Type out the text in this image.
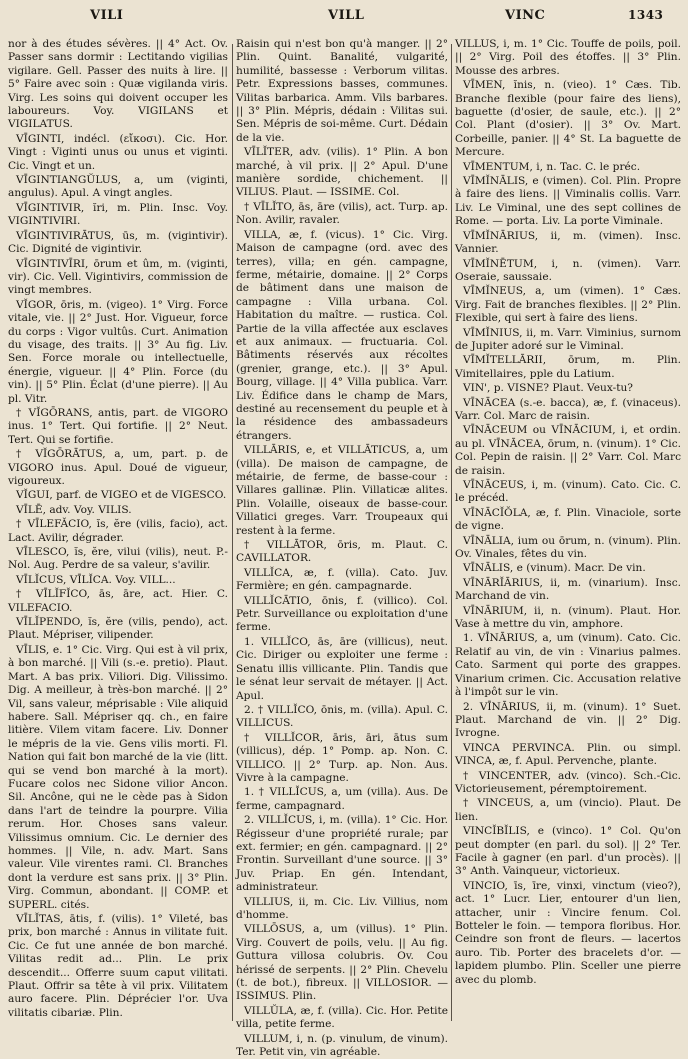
VILI	VILL	VINC	1343

nor à des études sévères. || 4° Act. Ov. Passer sans dormir : Lectitando vigilias vigilare. Gell. Passer des nuits à lire. || 5° Faire avec soin : Quæ vigilanda viris. Virg. Les soins qui doivent occuper les laboureurs. Voy. VIGILANS et VIGILATUS.

VĪGINTI, indécl. (εἴκοσι). Cic. Hor. Vingt : Viginti unus ou unus et viginti. Cic. Vingt et un.

VĪGINTIANGŬLUS, a, um (viginti, angulus). Apul. A vingt angles.

VĪGINTIVIR, ĭri, m. Plin. Insc. Voy. VIGINTIVIRI.

VĪGINTIVIRĀTUS, ūs, m. (vigintivir). Cic. Dignité de vigintivir.

VĪGINTIVĪRI, ōrum et ûm, m. (viginti, vir). Cic. Vell. Vigintivirs, commission de vingt membres.

VĬGOR, ōris, m. (vigeo). 1° Virg. Force vitale, vie. || 2° Just. Hor. Vigueur, force du corps : Vigor vultûs. Curt. Animation du visage, des traits. || 3° Au fig. Liv. Sen. Force morale ou intellectuelle, énergie, vigueur. || 4° Plin. Force (du vin). || 5° Plin. Éclat (d'une pierre). || Au pl. Vitr.

† VĬGŌRANS, antis, part. de VIGORO inus. 1° Tert. Qui fortifie. || 2° Neut. Tert. Qui se fortifie.

† VĬGŌRĀTUS, a, um, part. p. de VIGORO inus. Apul. Doué de vigueur, vigoureux.

VĬGUI, parf. de VIGEO et de VIGESCO.

VĪLĒ, adv. Voy. VILIS.

† VĪLEFĂCIO, ĭs, ĕre (vilis, facio), act. Lact. Avilir, dégrader.

VĪLESCO, ĭs, ĕre, vilui (vilis), neut. P.-Nol. Aug. Perdre de sa valeur, s'avilir.

VĪLĬCUS, VĪLĬCA. Voy. VILL...

† VĪLĬFĬCO, ās, āre, act. Hier. C. VILEFACIO.

VĪLĬPENDO, ĭs, ĕre (vilis, pendo), act. Plaut. Mépriser, vilipender.

VĪLIS, e. 1° Cic. Virg. Qui est à vil prix, à bon marché. || Vili (s.-e. pretio). Plaut. Mart. A bas prix. Viliori. Dig. Vilissimo. Dig. A meilleur, à très-bon marché. || 2° Vil, sans valeur, méprisable : Vile aliquid habere. Sall. Mépriser qq. ch., en faire litière. Vilem vitam facere. Liv. Donner le mépris de la vie. Gens vilis morti. Fl. Nation qui fait bon marché de la vie (litt. qui se vend bon marché à la mort). Fucare colos nec Sidone vilior Ancon. Sil. Ancône, qui ne le cède pas à Sidon dans l'art de teindre la pourpre. Vilia rerum. Hor. Choses sans valeur. Vilissimus omnium. Cic. Le dernier des hommes. || Vile, n. adv. Mart. Sans valeur. Vile virentes rami. Cl. Branches dont la verdure est sans prix. || 3° Plin. Virg. Commun, abondant. || COMP. et SUPERL. cités.

VĪLĬTAS, ātis, f. (vilis). 1° Vileté, bas prix, bon marché : Annus in vilitate fuit. Cic. Ce fut une année de bon marché. Vilitas redit ad... Plin. Le prix descendit... Offerre suum caput vilitati. Plaut. Offrir sa tête à vil prix. Vilitatem auro facere. Plin. Déprécier l'or. Uva vilitatis cibariæ. Plin.

Raisin qui n'est bon qu'à manger. || 2° Plin. Quint. Banalité, vulgarité, humilité, bassesse : Verborum vilitas. Petr. Expressions basses, communes. Vilitas barbarica. Amm. Vils barbares. || 3° Plin. Mépris, dédain : Vilitas sui. Sen. Mépris de soi-même. Curt. Dédain de la vie.

VĪLĬTER, adv. (vilis). 1° Plin. A bon marché, à vil prix. || 2° Apul. D'une manière sordide, chichement. || VILIUS. Plaut. — ISSIME. Col.

† VĪLĬTO, ās, āre (vilis), act. Turp. ap. Non. Avilir, ravaler.

VILLA, æ, f. (vicus). 1° Cic. Virg. Maison de campagne (ord. avec des terres), villa; en gén. campagne, ferme, métairie, domaine. || 2° Corps de bâtiment dans une maison de campagne : Villa urbana. Col. Habitation du maître. — rustica. Col. Partie de la villa affectée aux esclaves et aux animaux. — fructuaria. Col. Bâtiments réservés aux récoltes (grenier, grange, etc.). || 3° Apul. Bourg, village. || 4° Villa publica. Varr. Liv. Édifice dans le champ de Mars, destiné au recensement du peuple et à la résidence des ambassadeurs étrangers.

VILLĀRIS, e, et VILLĀTICUS, a, um (villa). De maison de campagne, de métairie, de ferme, de basse-cour : Villares gallinæ. Plin. Villaticæ alites. Plin. Volaille, oiseaux de basse-cour. Villatici greges. Varr. Troupeaux qui restent à la ferme.

† VILLĀTOR, ōris, m. Plaut. C. CAVILLATOR.

VILLĬCA, æ, f. (villa). Cato. Juv. Fermière; en gén. campagnarde.

VILLĬCĀTIO, ōnis, f. (villico). Col. Petr. Surveillance ou exploitation d'une ferme.

1. VILLĬCO, ās, āre (villicus), neut. Cic. Diriger ou exploiter une ferme : Senatu illis villicante. Plin. Tandis que le sénat leur servait de métayer. || Act. Apul.

2. † VILLĬCO, ōnis, m. (villa). Apul. C. VILLICUS.

† VILLĬCOR, āris, āri, ātus sum (villicus), dép. 1° Pomp. ap. Non. C. VILLICO. || 2° Turp. ap. Non. Aus. Vivre à la campagne.

1. † VILLĬCUS, a, um (villa). Aus. De ferme, campagnard.

2. VILLĬCUS, i, m. (villa). 1° Cic. Hor. Régisseur d'une propriété rurale; par ext. fermier; en gén. campagnard. || 2° Frontin. Surveillant d'une source. || 3° Juv. Priap. En gén. Intendant, administrateur.

VILLIUS, ii, m. Cic. Liv. Villius, nom d'homme.

VILLŌSUS, a, um (villus). 1° Plin. Virg. Couvert de poils, velu. || Au fig. Guttura villosa colubris. Ov. Cou hérissé de serpents. || 2° Plin. Chevelu (t. de bot.), fibreux. || VILLOSIOR. — ISSIMUS. Plin.

VILLŬLA, æ, f. (villa). Cic. Hor. Petite villa, petite ferme.

VILLUM, i, n. (p. vinulum, de vinum). Ter. Petit vin, vin agréable.

VILLUS, i, m. 1° Cic. Touffe de poils, poil. || 2° Virg. Poil des étoffes. || 3° Plin. Mousse des arbres.

VĪMEN, ĭnis, n. (vieo). 1° Cæs. Tib. Branche flexible (pour faire des liens), baguette (d'osier, de saule, etc.). || 2° Col. Plant (d'osier). || 3° Ov. Mart. Corbeille, panier. || 4° St. La baguette de Mercure.

VĪMENTUM, i, n. Tac. C. le préc.

VĪMĬNĀLIS, e (vimen). Col. Plin. Propre à faire des liens. || Viminalis collis. Varr. Liv. Le Viminal, une des sept collines de Rome. — porta. Liv. La porte Viminale.

VĪMĬNĀRIUS, ii, m. (vimen). Insc. Vannier.

VĪMĬNĒTUM, i, n. (vimen). Varr. Oseraie, saussaie.

VĪMĬNEUS, a, um (vimen). 1° Cæs. Virg. Fait de branches flexibles. || 2° Plin. Flexible, qui sert à faire des liens.

VĪMĬNIUS, ii, m. Varr. Viminius, surnom de Jupiter adoré sur le Viminal.

VĪMĬTELLĀRII, ōrum, m. Plin. Vimitellaires, pple du Latium.

VIN', p. VISNE? Plaut. Veux-tu?

VĪNĀCEA (s.-e. bacca), æ, f. (vinaceus). Varr. Col. Marc de raisin.

VĪNĀCEUM ou VĪNĀCIUM, i, et ordin. au pl. VĪNĀCEA, ōrum, n. (vinum). 1° Cic. Col. Pepin de raisin. || 2° Varr. Col. Marc de raisin.

VĪNĀCEUS, i, m. (vinum). Cato. Cic. C. le précéd.

VĪNĀCĬŎLA, æ, f. Plin. Vinaciole, sorte de vigne.

VĪNĀLIA, ium ou ōrum, n. (vinum). Plin. Ov. Vinales, fêtes du vin.

VĪNĀLIS, e (vinum). Macr. De vin.

VĪNĀRĬĀRIUS, ii, m. (vinarium). Insc. Marchand de vin.

VĪNĀRIUM, ii, n. (vinum). Plaut. Hor. Vase à mettre du vin, amphore.

1. VĪNĀRIUS, a, um (vinum). Cato. Cic. Relatif au vin, de vin : Vinarius palmes. Cato. Sarment qui porte des grappes. Vinarium crimen. Cic. Accusation relative à l'impôt sur le vin.

2. VĪNĀRIUS, ii, m. (vinum). 1° Suet. Plaut. Marchand de vin. || 2° Dig. Ivrogne.

VINCA PERVINCA. Plin. ou simpl. VINCA, æ, f. Apul. Pervenche, plante.

† VINCENTER, adv. (vinco). Sch.-Cic. Victorieusement, péremptoirement.

† VINCEUS, a, um (vincio). Plaut. De lien.

VINCĬBĬLIS, e (vinco). 1° Col. Qu'on peut dompter (en parl. du sol). || 2° Ter. Facile à gagner (en parl. d'un procès). || 3° Anth. Vainqueur, victorieux.

VINCIO, īs, īre, vinxi, vinctum (vieo?), act. 1° Lucr. Lier, entourer d'un lien, attacher, unir : Vincire fenum. Col. Botteler le foin. — tempora floribus. Hor. Ceindre son front de fleurs. — lacertos auro. Tib. Porter des bracelets d'or. — lapidem plumbo. Plin. Sceller une pierre avec du plomb.
